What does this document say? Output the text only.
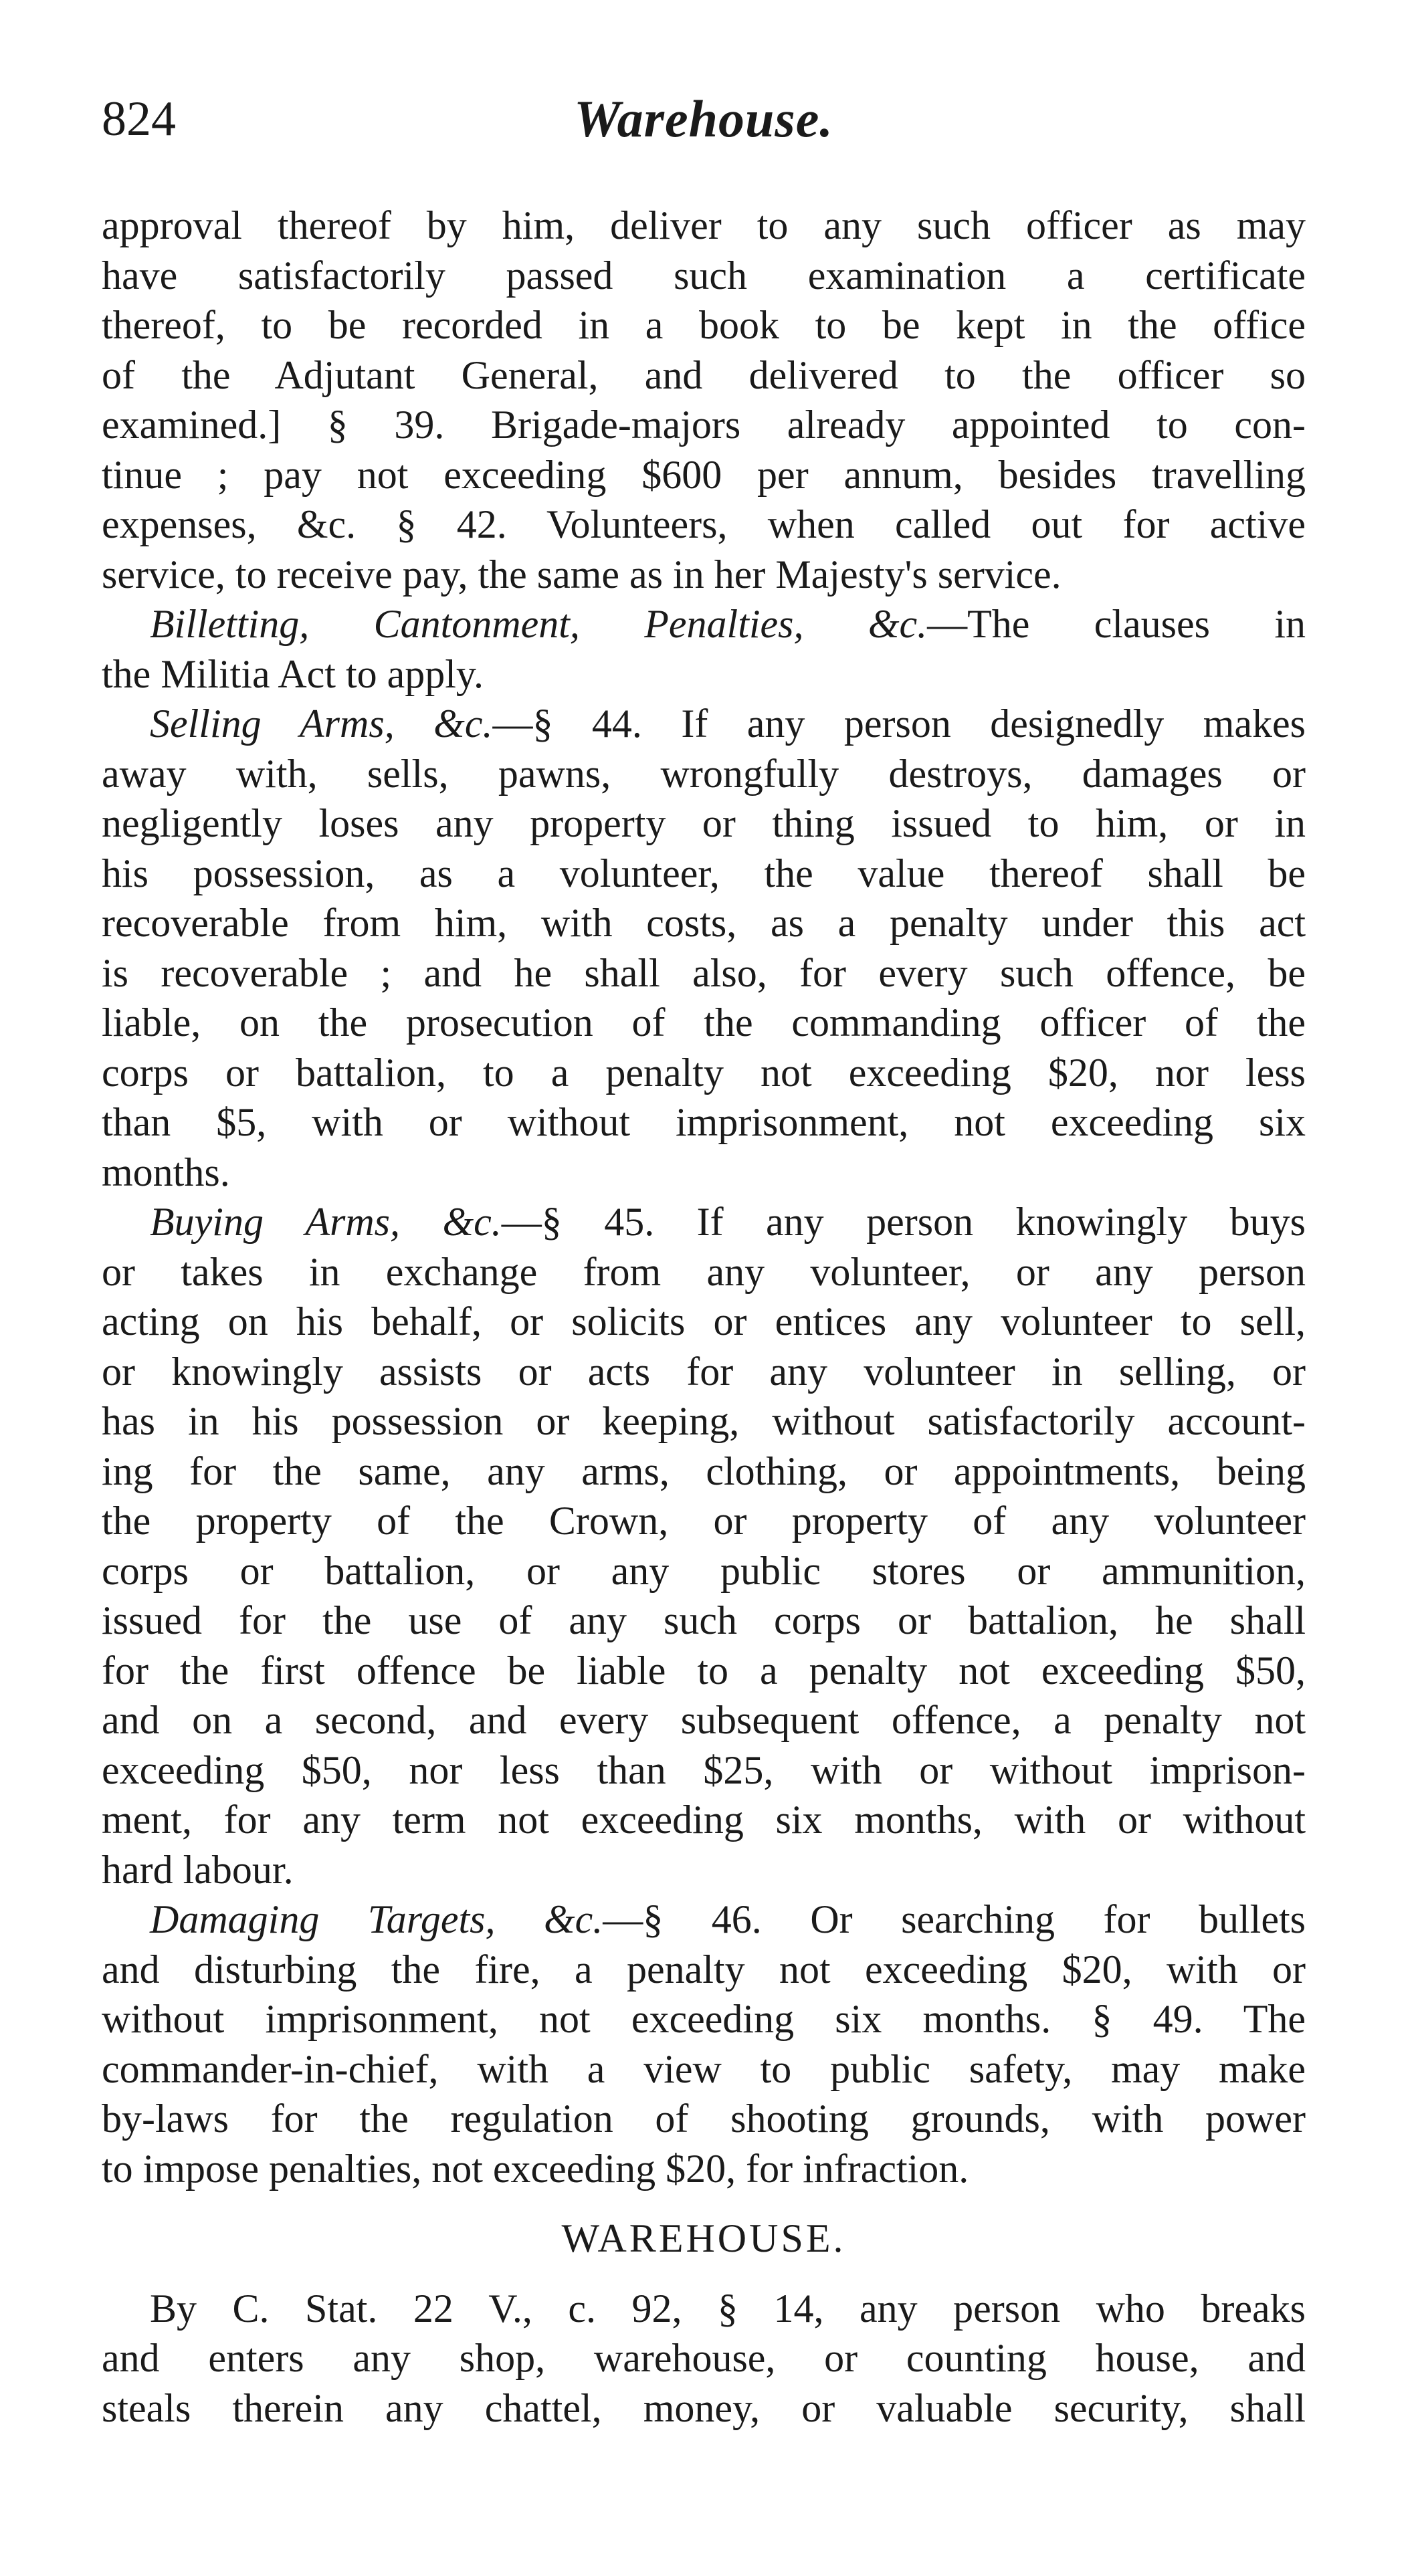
824	Warehouse.
approval thereof by him, deliver to any such officer as may
have satisfactorily passed such examination a certificate
thereof, to be recorded in a book to be kept in the office
of the Adjutant General, and delivered to the officer so
examined.] § 39. Brigade-majors already appointed to con-
tinue ; pay not exceeding $600 per annum, besides travelling
expenses, &c. § 42. Volunteers, when called out for active
service, to receive pay, the same as in her Majesty's service.
Billetting, Cantonment, Penalties, &c.—The clauses in
the Militia Act to apply.
Selling Arms, &c.—§ 44. If any person designedly makes
away with, sells, pawns, wrongfully destroys, damages or
negligently loses any property or thing issued to him, or in
his possession, as a volunteer, the value thereof shall be
recoverable from him, with costs, as a penalty under this act
is recoverable ; and he shall also, for every such offence, be
liable, on the prosecution of the commanding officer of the
corps or battalion, to a penalty not exceeding $20, nor less
than $5, with or without imprisonment, not exceeding six
months.
Buying Arms, &c.—§ 45. If any person knowingly buys
or takes in exchange from any volunteer, or any person
acting on his behalf, or solicits or entices any volunteer to sell,
or knowingly assists or acts for any volunteer in selling, or
has in his possession or keeping, without satisfactorily account-
ing for the same, any arms, clothing, or appointments, being
the property of the Crown, or property of any volunteer
corps or battalion, or any public stores or ammunition,
issued for the use of any such corps or battalion, he shall
for the first offence be liable to a penalty not exceeding $50,
and on a second, and every subsequent offence, a penalty not
exceeding $50, nor less than $25, with or without imprison-
ment, for any term not exceeding six months, with or without
hard labour.
Damaging Targets, &c.—§ 46. Or searching for bullets
and disturbing the fire, a penalty not exceeding $20, with or
without imprisonment, not exceeding six months. § 49. The
commander-in-chief, with a view to public safety, may make
by-laws for the regulation of shooting grounds, with power
to impose penalties, not exceeding $20, for infraction.
WAREHOUSE.
By C. Stat. 22 V., c. 92, § 14, any person who breaks
and enters any shop, warehouse, or counting house, and
steals therein any chattel, money, or valuable security, shall
